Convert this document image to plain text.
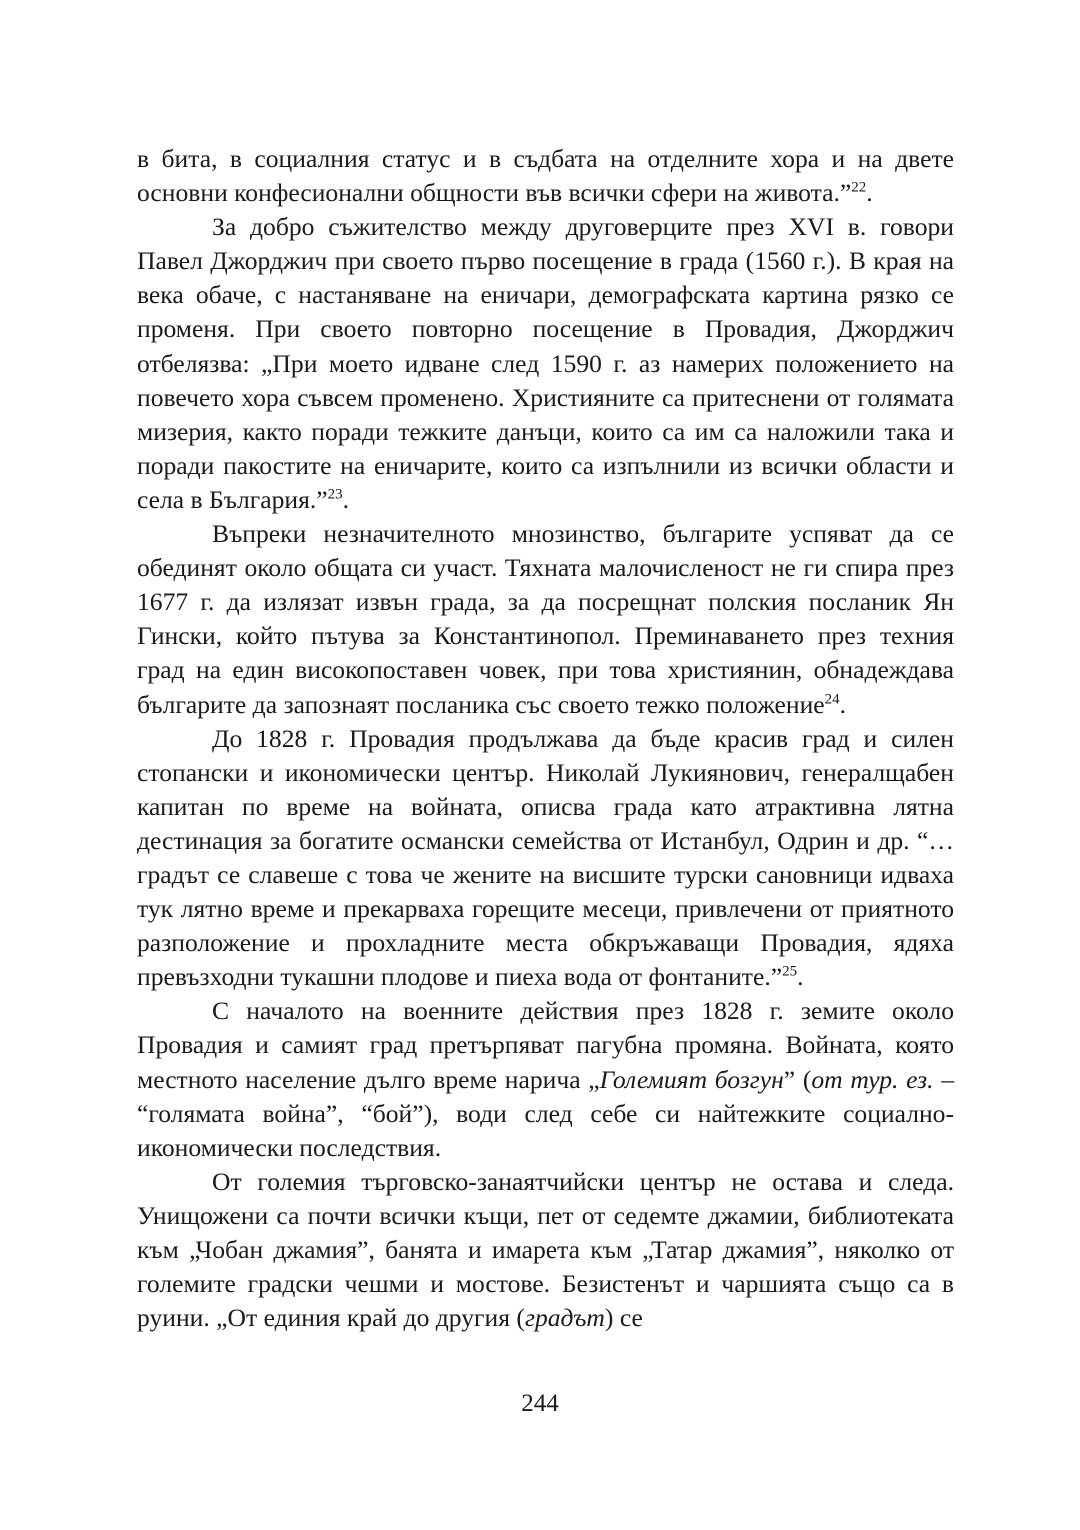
в бита, в социалния статус и в съдбата на отделните хора и на двете основни конфесионални общности във всички сфери на живота.”$^{22}$.

За добро съжителство между друговерците през XVI в. говори Павел Джорджич при своето първо посещение в града (1560 г.). В края на века обаче, с настаняване на еничари, демографската картина рязко се променя. При своето повторно посещение в Провадия, Джорджич отбелязва: „При моето идване след 1590 г. аз намерих положението на повечето хора съвсем променено. Християните са притеснени от голямата мизерия, както поради тежките данъци, които са им са наложили така и поради пакостите на еничарите, които са изпълнили из всички области и села в България.”$^{23}$.

Въпреки незначителното мнозинство, българите успяват да се обединят около общата си участ. Тяхната малочисленост не ги спира през 1677 г. да излязат извън града, за да посрещнат полския посланик Ян Гински, който пътува за Константинопол. Преминаването през техния град на един високопоставен човек, при това християнин, обнадеждава българите да запознаят посланика със своето тежко положение$^{24}$.

До 1828 г. Провадия продължава да бъде красив град и силен стопански и икономически център. Николай Лукиянович, генералщабен капитан по време на войната, описва града като атрактивна лятна дестинация за богатите османски семейства от Истанбул, Одрин и др. “… градът се славеше с това че жените на висшите турски сановници идваха тук лятно време и прекарваха горещите месеци, привлечени от приятното разположение и прохладните места обкръжаващи Провадия, ядяха превъзходни тукашни плодове и пиеха вода от фонтаните.”$^{25}$.

С началото на военните действия през 1828 г. земите около Провадия и самият град претърпяват пагубна промяна. Войната, която местното население дълго време нарича „Големият бозгун” (от тур. ез. – “голямата война”, “бой”), води след себе си найтежките социално-икономически последствия.

От големия търговско-занаятчийски център не остава и следа. Унищожени са почти всички къщи, пет от седемте джамии, библиотеката към „Чобан джамия”, банята и имарета към „Татар джамия”, няколко от големите градски чешми и мостове. Безистенът и чаршията също са в руини. „От единия край до другия (градът) се

244
